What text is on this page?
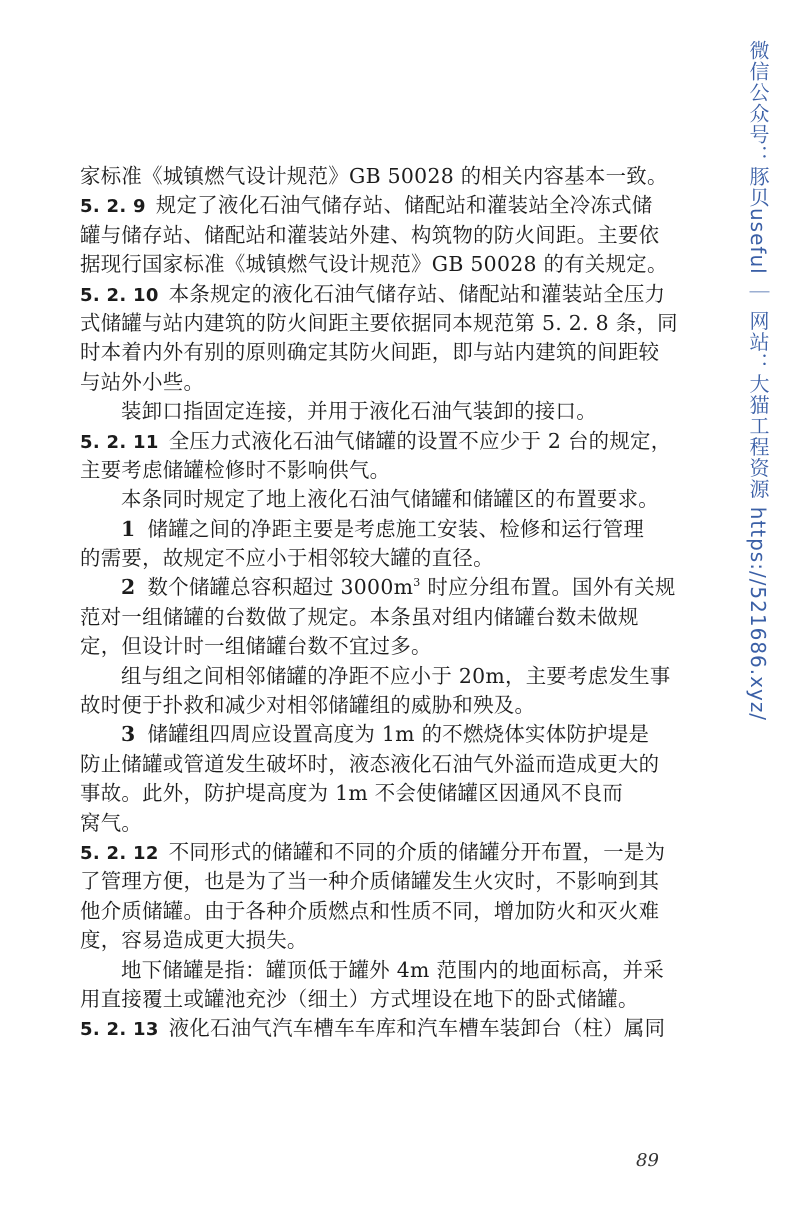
微信公众号：豚贝useful ｜ 网站：大猫工程资源 https://521686.xyz/
家标准《城镇燃气设计规范》GB 50028 的相关内容基本一致。
5. 2. 9 规定了液化石油气储存站、储配站和灌装站全冷冻式储
罐与储存站、储配站和灌装站外建、构筑物的防火间距。主要依
据现行国家标准《城镇燃气设计规范》GB 50028 的有关规定。
5. 2. 10 本条规定的液化石油气储存站、储配站和灌装站全压力
式储罐与站内建筑的防火间距主要依据同本规范第 5. 2. 8 条，同
时本着内外有别的原则确定其防火间距，即与站内建筑的间距较
与站外小些。
装卸口指固定连接，并用于液化石油气装卸的接口。
5. 2. 11 全压力式液化石油气储罐的设置不应少于 2 台的规定，
主要考虑储罐检修时不影响供气。
本条同时规定了地上液化石油气储罐和储罐区的布置要求。
1 储罐之间的净距主要是考虑施工安装、检修和运行管理
的需要，故规定不应小于相邻较大罐的直径。
2 数个储罐总容积超过 $3000m^3$ 时应分组布置。国外有关规
范对一组储罐的台数做了规定。本条虽对组内储罐台数未做规
定，但设计时一组储罐台数不宜过多。
组与组之间相邻储罐的净距不应小于 20m，主要考虑发生事
故时便于扑救和减少对相邻储罐组的威胁和殃及。
3 储罐组四周应设置高度为 1m 的不燃烧体实体防护堤是
防止储罐或管道发生破坏时，液态液化石油气外溢而造成更大的
事故。此外，防护堤高度为 1m 不会使储罐区因通风不良而
窝气。
5. 2. 12 不同形式的储罐和不同的介质的储罐分开布置，一是为
了管理方便，也是为了当一种介质储罐发生火灾时，不影响到其
他介质储罐。由于各种介质燃点和性质不同，增加防火和灭火难
度，容易造成更大损失。
地下储罐是指：罐顶低于罐外 4m 范围内的地面标高，并采
用直接覆土或罐池充沙（细土）方式埋设在地下的卧式储罐。
5. 2. 13 液化石油气汽车槽车车库和汽车槽车装卸台（柱）属同
89
